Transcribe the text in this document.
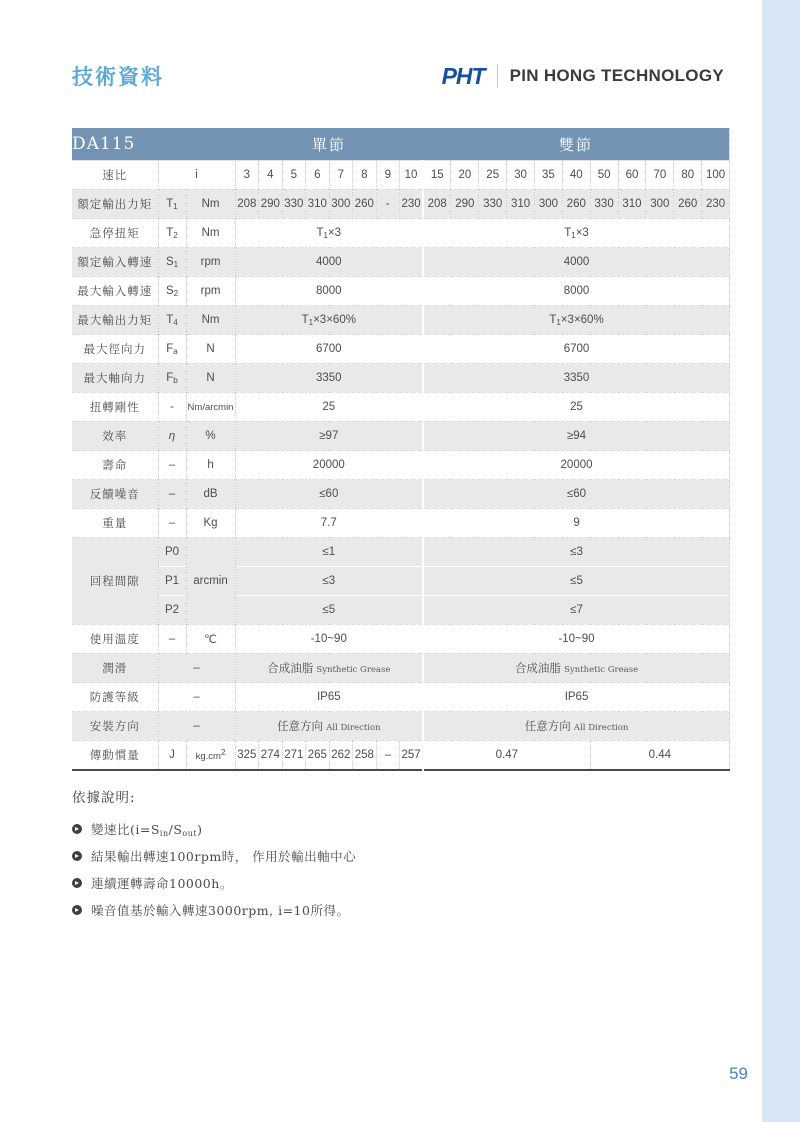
技術資料	PHT PIN HONG TECHNOLOGY
DA115			單節								雙節										
速比	i		3	4	5	6	7	8	9	10	15	20	25	30	35	40	50	60	70	80	100
額定輸出力矩	$T_1$	Nm	208	290	330	310	300	260	-	230	208	290	330	310	300	260	330	310	300	260	230
急停扭矩	$T_2$	Nm	$T_1\times 3$								$T_1\times 3$										
額定輸入轉速	$S_1$	rpm	4000								4000										
最大輸入轉速	$S_2$	rpm	8000								8000										
最大輸出力矩	$T_4$	Nm	$T_1\times 3\times 60\%$								$T_1\times 3\times 60\%$										
最大徑向力	$F_a$	N	6700								6700										
最大軸向力	$F_b$	N	3350								3350										
扭轉剛性	-	Nm/arcmin	25								25										
效率	η	%	≥97								≥94										
壽命	–	h	20000								20000										
反饋噪音	–	dB	≤60								≤60										
重量	–	Kg	7.7								9										
回程間隙	P0	arcmin	≤1								≤3										
	P1		≤3								≤5										
	P2		≤5								≤7										
使用溫度	–	℃	-10~90								-10~90										
潤滑	–		合成油脂 Synthetic Grease								合成油脂 Synthetic Grease										
防護等級	–		IP65								IP65										
安裝方向	–		任意方向 All Direction								任意方向 All Direction										
傳動慣量	J	$kg.cm^2$	325	274	271	265	262	258	–	257	0.47						0.44				
依據說明:
變速比$(i=S_{in}/S_{out})$
結果輸出轉速100rpm時， 作用於輸出軸中心
連續運轉壽命10000h。
噪音值基於輸入轉速3000rpm, i=10所得。
59
